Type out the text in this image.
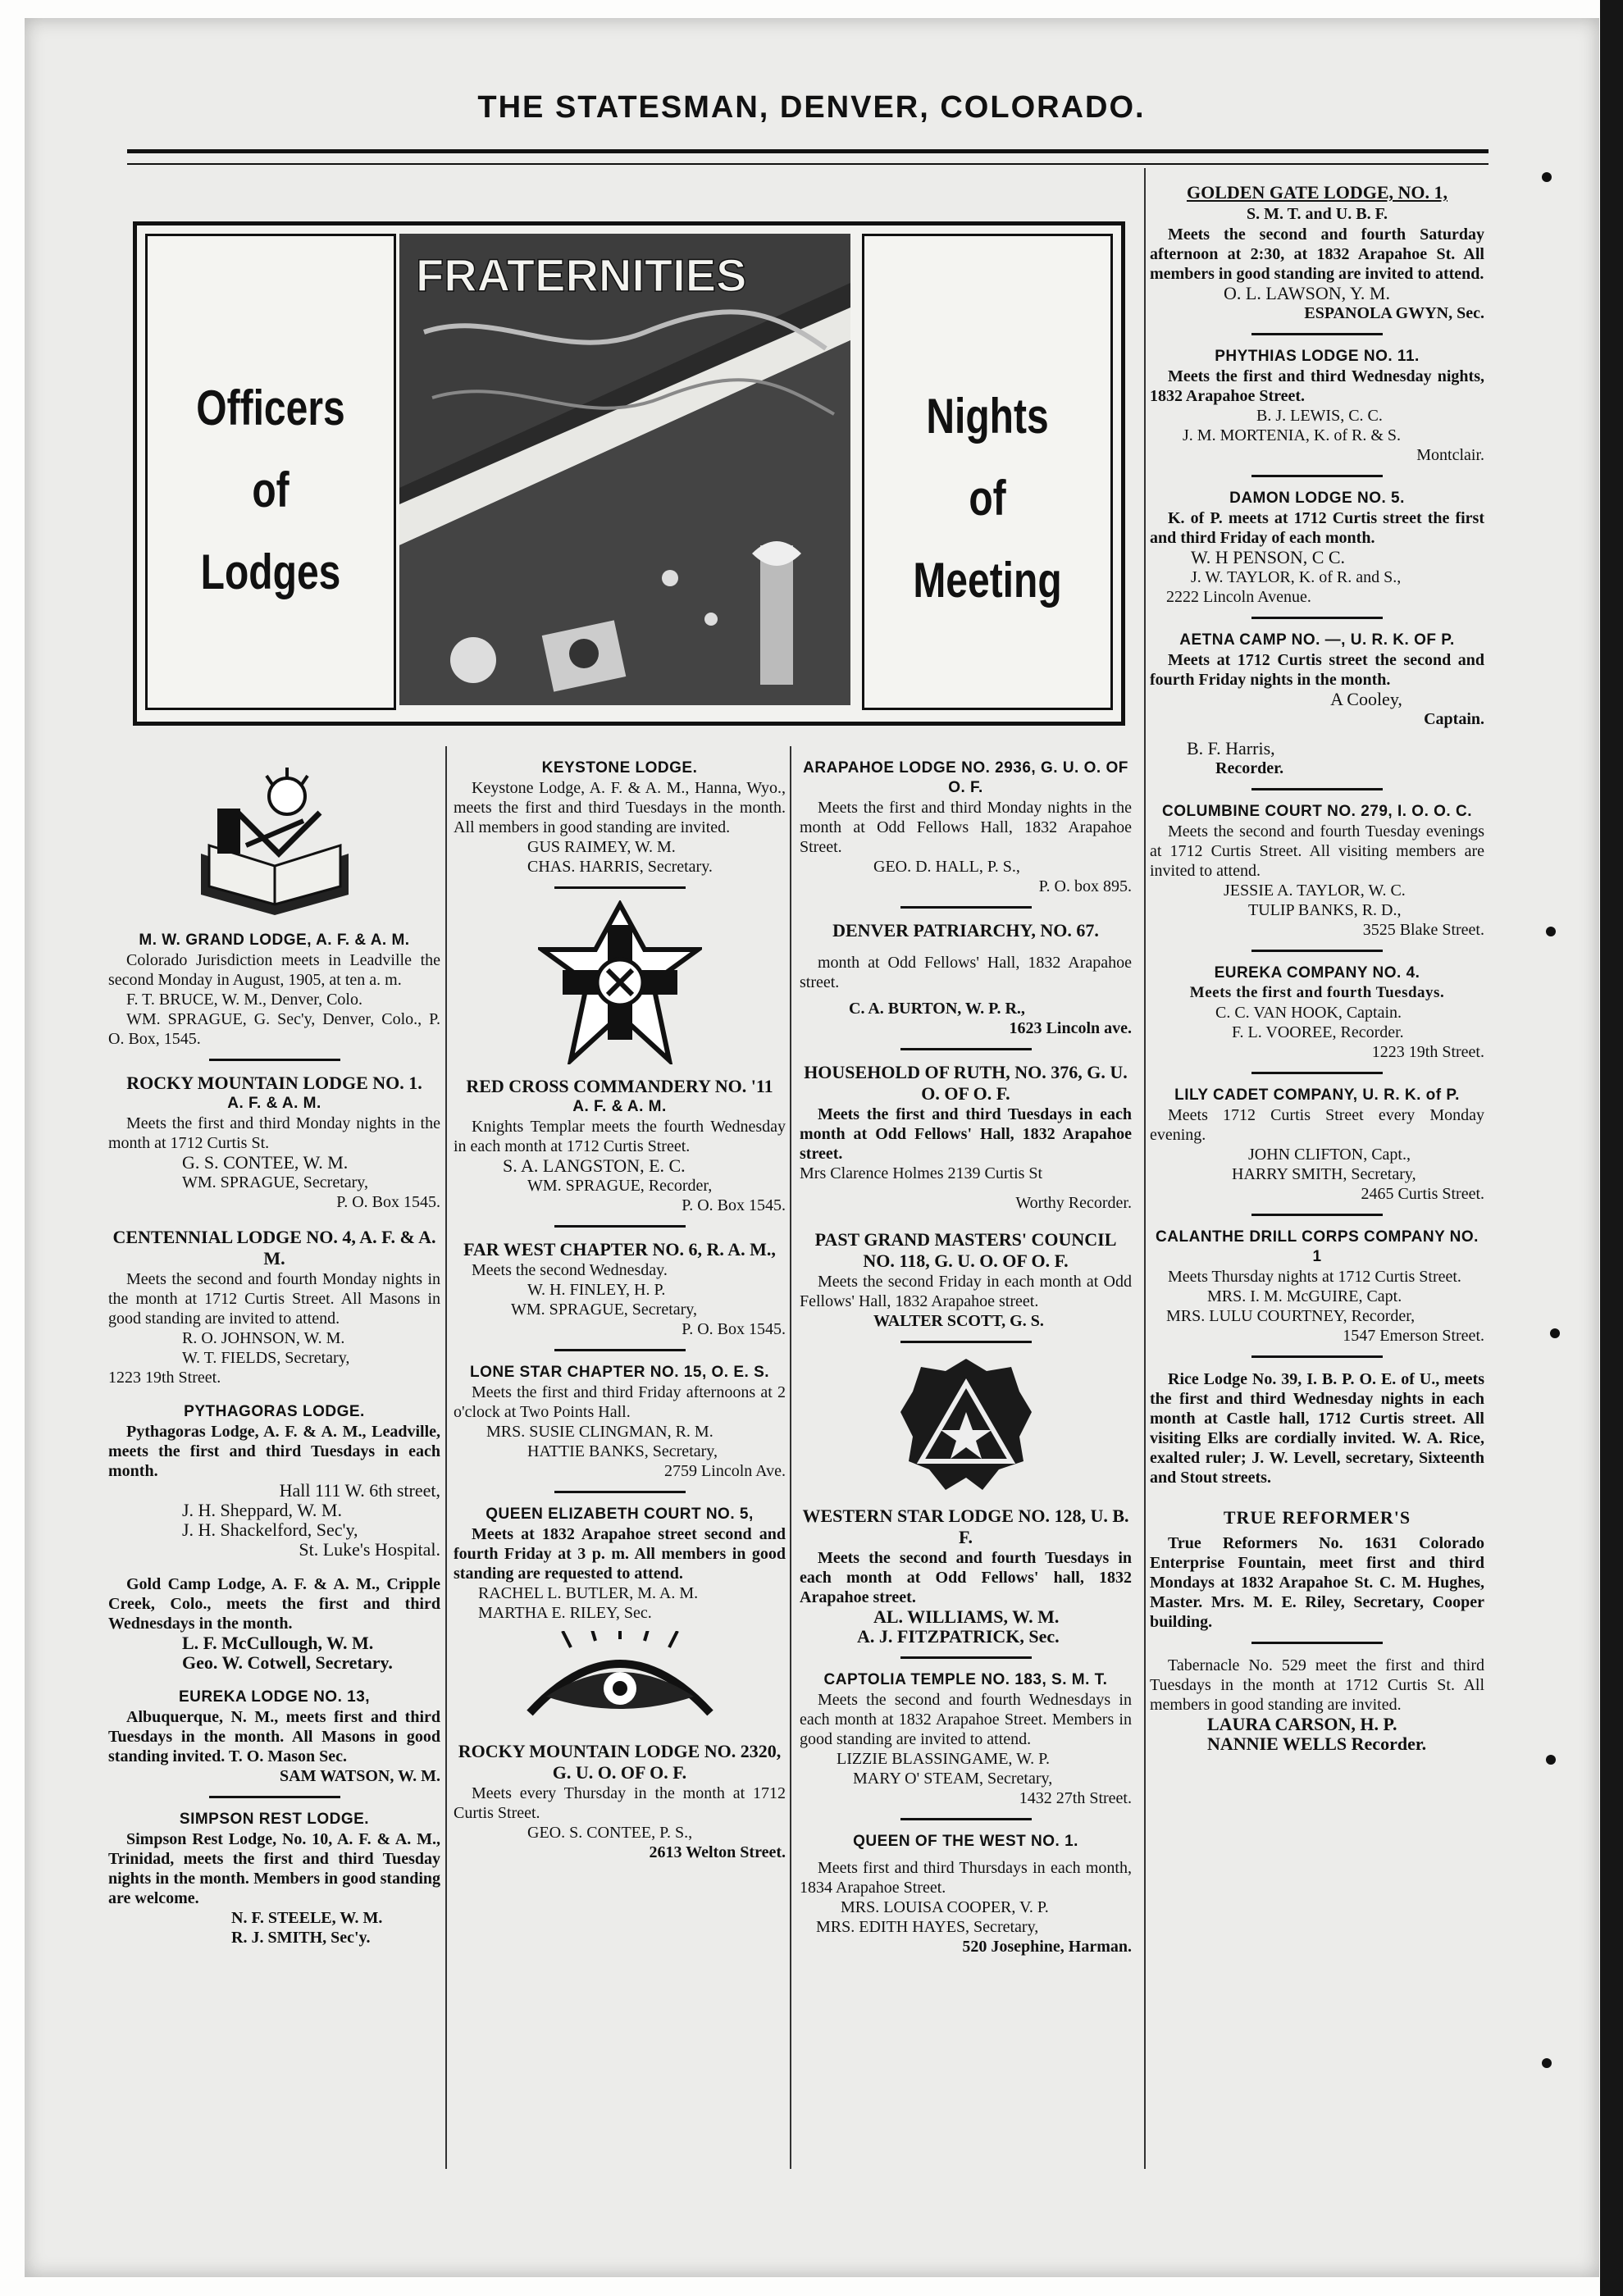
THE STATESMAN, DENVER, COLORADO.
Officers
of
Lodges
FRATERNITIES
Nights
of
Meeting
M. W. GRAND LODGE, A. F. & A. M.
Colorado Jurisdiction meets in Leadville the second Monday in August, 1905, at ten a. m.
F. T. BRUCE, W. M., Denver, Colo.
WM. SPRAGUE, G. Sec'y, Denver, Colo., P. O. Box, 1545.
ROCKY MOUNTAIN LODGE NO. 1.
A. F. & A. M.
Meets the first and third Monday nights in the month at 1712 Curtis St.
G. S. CONTEE, W. M.
WM. SPRAGUE, Secretary,
P. O. Box 1545.
CENTENNIAL LODGE NO. 4, A. F. & A. M.
Meets the second and fourth Monday nights in the month at 1712 Curtis Street. All Masons in good standing are invited to attend.
R. O. JOHNSON, W. M.
W. T. FIELDS, Secretary,
1223 19th Street.
PYTHAGORAS LODGE.
Pythagoras Lodge, A. F. & A. M., Leadville, meets the first and third Tuesdays in each month.
Hall 111 W. 6th street,
J. H. Sheppard, W. M.
J. H. Shackelford, Sec'y,
St. Luke's Hospital.
Gold Camp Lodge, A. F. & A. M., Cripple Creek, Colo., meets the first and third Wednesdays in the month.
L. F. McCullough, W. M.
Geo. W. Cotwell, Secretary.
EUREKA LODGE NO. 13,
Albuquerque, N. M., meets first and third Tuesdays in the month. All Masons in good standing invited. T. O. Mason Sec.
SAM WATSON, W. M.
SIMPSON REST LODGE.
Simpson Rest Lodge, No. 10, A. F. & A. M., Trinidad, meets the first and third Tuesday nights in the month. Members in good standing are welcome.
N. F. STEELE, W. M.
R. J. SMITH, Sec'y.
KEYSTONE LODGE.
Keystone Lodge, A. F. & A. M., Hanna, Wyo., meets the first and third Tuesdays in the month. All members in good standing are invited.
GUS RAIMEY, W. M.
CHAS. HARRIS, Secretary.
RED CROSS COMMANDERY NO. '11
A. F. & A. M.
Knights Templar meets the fourth Wednesday in each month at 1712 Curtis Street.
S. A. LANGSTON, E. C.
WM. SPRAGUE, Recorder,
P. O. Box 1545.
FAR WEST CHAPTER NO. 6, R. A. M.,
Meets the second Wednesday.
W. H. FINLEY, H. P.
WM. SPRAGUE, Secretary,
P. O. Box 1545.
LONE STAR CHAPTER NO. 15, O. E. S.
Meets the first and third Friday afternoons at 2 o'clock at Two Points Hall.
MRS. SUSIE CLINGMAN, R. M.
HATTIE BANKS, Secretary,
2759 Lincoln Ave.
QUEEN ELIZABETH COURT NO. 5,
Meets at 1832 Arapahoe street second and fourth Friday at 3 p. m. All members in good standing are requested to attend.
RACHEL L. BUTLER, M. A. M.
MARTHA E. RILEY, Sec.
ROCKY MOUNTAIN LODGE NO. 2320, G. U. O. OF O. F.
Meets every Thursday in the month at 1712 Curtis Street.
GEO. S. CONTEE, P. S.,
2613 Welton Street.
ARAPAHOE LODGE NO. 2936, G. U. O. OF O. F.
Meets the first and third Monday nights in the month at Odd Fellows Hall, 1832 Arapahoe Street.
GEO. D. HALL, P. S.,
P. O. box 895.
DENVER PATRIARCHY, NO. 67.
month at Odd Fellows' Hall, 1832 Arapahoe street.
C. A. BURTON, W. P. R.,
1623 Lincoln ave.
HOUSEHOLD OF RUTH, NO. 376, G. U. O. OF O. F.
Meets the first and third Tuesdays in each month at Odd Fellows' Hall, 1832 Arapahoe street.
Mrs Clarence Holmes 2139 Curtis St
Worthy Recorder.
PAST GRAND MASTERS' COUNCIL NO. 118, G. U. O. OF O. F.
Meets the second Friday in each month at Odd Fellows' Hall, 1832 Arapahoe street.
WALTER SCOTT, G. S.
WESTERN STAR LODGE NO. 128, U. B. F.
Meets the second and fourth Tuesdays in each month at Odd Fellows' hall, 1832 Arapahoe street.
AL. WILLIAMS, W. M.
A. J. FITZPATRICK, Sec.
CAPTOLIA TEMPLE NO. 183, S. M. T.
Meets the second and fourth Wednesdays in each month at 1832 Arapahoe Street. Members in good standing are invited to attend.
LIZZIE BLASSINGAME, W. P.
MARY O' STEAM, Secretary,
1432 27th Street.
QUEEN OF THE WEST NO. 1.
Meets first and third Thursdays in each month, 1834 Arapahoe Street.
MRS. LOUISA COOPER, V. P.
MRS. EDITH HAYES, Secretary,
520 Josephine, Harman.
GOLDEN GATE LODGE, NO. 1,
S. M. T. and U. B. F.
Meets the second and fourth Saturday afternoon at 2:30, at 1832 Arapahoe St. All members in good standing are invited to attend.
O. L. LAWSON, Y. M.
ESPANOLA GWYN, Sec.
PHYTHIAS LODGE NO. 11.
Meets the first and third Wednesday nights, 1832 Arapahoe Street.
B. J. LEWIS, C. C.
J. M. MORTENIA, K. of R. & S.
Montclair.
DAMON LODGE NO. 5.
K. of P. meets at 1712 Curtis street the first and third Friday of each month.
W. H PENSON, C C.
J. W. TAYLOR, K. of R. and S.,
2222 Lincoln Avenue.
AETNA CAMP NO. —, U. R. K. OF P.
Meets at 1712 Curtis street the second and fourth Friday nights in the month.
A Cooley,
Captain.
B. F. Harris,
Recorder.
COLUMBINE COURT NO. 279, I. O. O. C.
Meets the second and fourth Tuesday evenings at 1712 Curtis Street. All visiting members are invited to attend.
JESSIE A. TAYLOR, W. C.
TULIP BANKS, R. D.,
3525 Blake Street.
EUREKA COMPANY NO. 4.
Meets the first and fourth Tuesdays.
C. C. VAN HOOK, Captain.
F. L. VOOREE, Recorder.
1223 19th Street.
LILY CADET COMPANY, U. R. K. of P.
Meets 1712 Curtis Street every Monday evening.
JOHN CLIFTON, Capt.,
HARRY SMITH, Secretary,
2465 Curtis Street.
CALANTHE DRILL CORPS COMPANY NO. 1
Meets Thursday nights at 1712 Curtis Street.
MRS. I. M. McGUIRE, Capt.
MRS. LULU COURTNEY, Recorder,
1547 Emerson Street.
Rice Lodge No. 39, I. B. P. O. E. of U., meets the first and third Wednesday nights in each month at Castle hall, 1712 Curtis street. All visiting Elks are cordially invited. W. A. Rice, exalted ruler; J. W. Levell, secretary, Sixteenth and Stout streets.
TRUE REFORMER'S
True Reformers No. 1631 Colorado Enterprise Fountain, meet first and third Mondays at 1832 Arapahoe St. C. M. Hughes, Master. Mrs. M. E. Riley, Secretary, Cooper building.
Tabernacle No. 529 meet the first and third Tuesdays in the month at 1712 Curtis St. All members in good standing are invited.
LAURA CARSON, H. P.
NANNIE WELLS Recorder.
